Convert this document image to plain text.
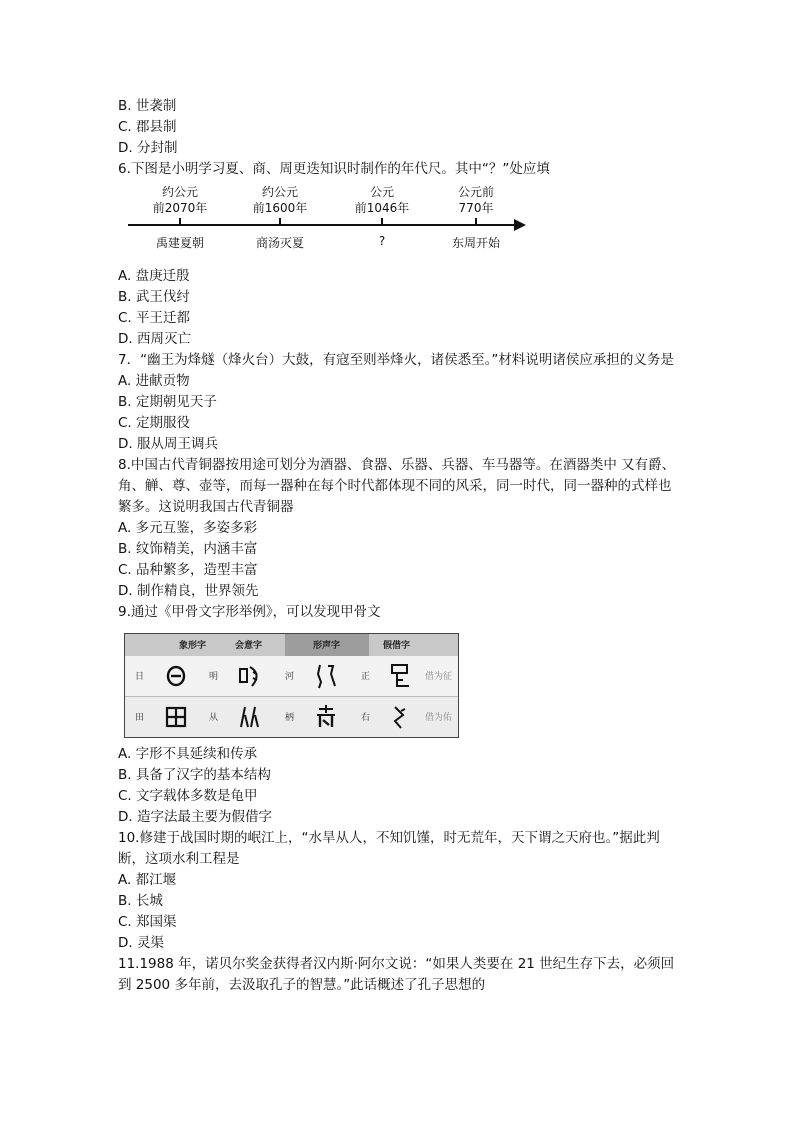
B. 世袭制
C. 郡县制
D. 分封制
6.下图是小明学习夏、商、周更迭知识时制作的年代尺。其中“？”处应填
约公元
前2070年
约公元
前1600年
公元
前1046年
公元前
770年
禹建夏朝	商汤灭夏	?	东周开始
A. 盘庚迁殷
B. 武王伐纣
C. 平王迁都
D. 西周灭亡
7．“幽王为烽燧（烽火台）大鼓，有寇至则举烽火，诸侯悉至。”材料说明诸侯应承担的义务是
A. 进献贡物
B. 定期朝见天子
C. 定期服役
D. 服从周王调兵
8.中国古代青铜器按用途可划分为酒器、食器、乐器、兵器、车马器等。在酒器类中 又有爵、角、觯、尊、壶等，而每一器种在每个时代都体现不同的风采，同一时代，同一器种的式样也繁多。这说明我国古代青铜器
A. 多元互鉴，多姿多彩
B. 纹饰精美，内涵丰富
C. 品种繁多，造型丰富
D. 制作精良，世界领先
9.通过《甲骨文字形举例》，可以发现甲骨文
象形字	会意字	形声字	假借字
日	明	河	正	借为征
田	从	柄	右	借为佑
A. 字形不具延续和传承
B. 具备了汉字的基本结构
C. 文字载体多数是龟甲
D. 造字法最主要为假借字
10.修建于战国时期的岷江上，“水旱从人，不知饥馑，时无荒年，天下谓之天府也。”据此判断，这项水利工程是
A. 都江堰
B. 长城
C. 郑国渠
D. 灵渠
11.1988 年，诺贝尔奖金获得者汉内斯·阿尔文说：“如果人类要在 21 世纪生存下去，必须回到 2500 多年前，去汲取孔子的智慧。”此话概述了孔子思想的
